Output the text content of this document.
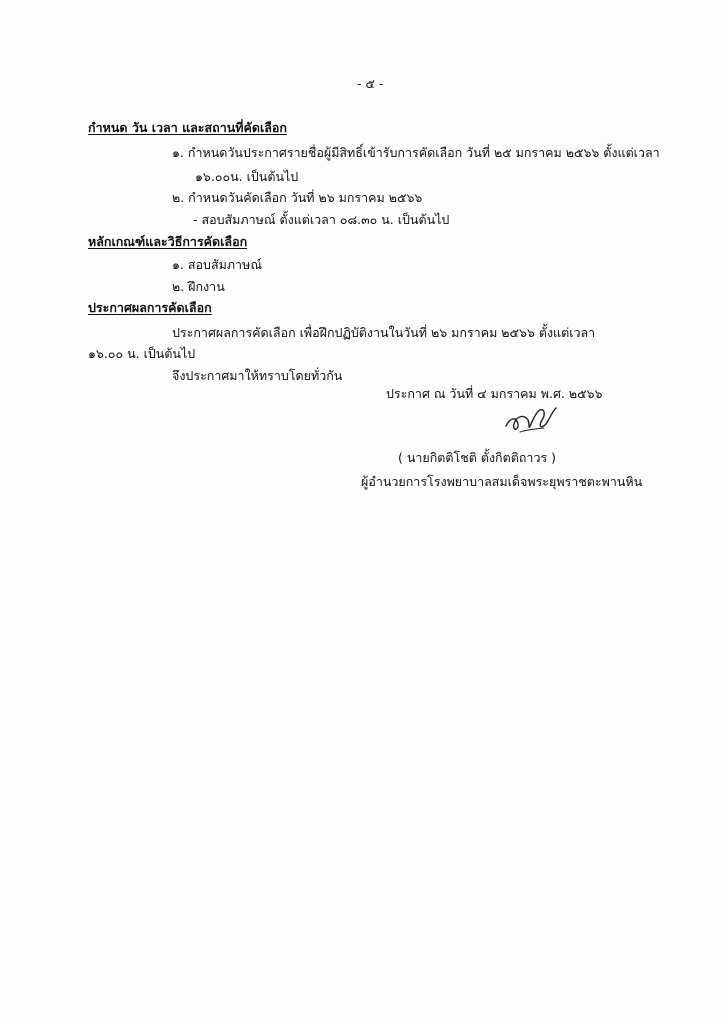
- ๕ -
กำหนด วัน เวลา และสถานที่คัดเลือก
๑. กำหนดวันประกาศรายชื่อผู้มีสิทธิ์เข้ารับการคัดเลือก วันที่ ๒๕ มกราคม ๒๕๖๖ ตั้งแต่เวลา
๑๖.๐๐น. เป็นต้นไป
๒. กำหนดวันคัดเลือก วันที่ ๒๖ มกราคม ๒๕๖๖
- สอบสัมภาษณ์ ตั้งแต่เวลา ๐๘.๓๐ น. เป็นต้นไป
หลักเกณฑ์และวิธีการคัดเลือก
๑. สอบสัมภาษณ์
๒. ฝึกงาน
ประกาศผลการคัดเลือก
ประกาศผลการคัดเลือก เพื่อฝึกปฏิบัติงานในวันที่ ๒๖ มกราคม ๒๕๖๖ ตั้งแต่เวลา
๑๖.๐๐ น. เป็นต้นไป
จึงประกาศมาให้ทราบโดยทั่วกัน
ประกาศ ณ วันที่ ๔ มกราคม พ.ศ. ๒๕๖๖
( นายกิตติโชติ ตั้งกิตติถาวร )
ผู้อำนวยการโรงพยาบาลสมเด็จพระยุพราชตะพานหิน
